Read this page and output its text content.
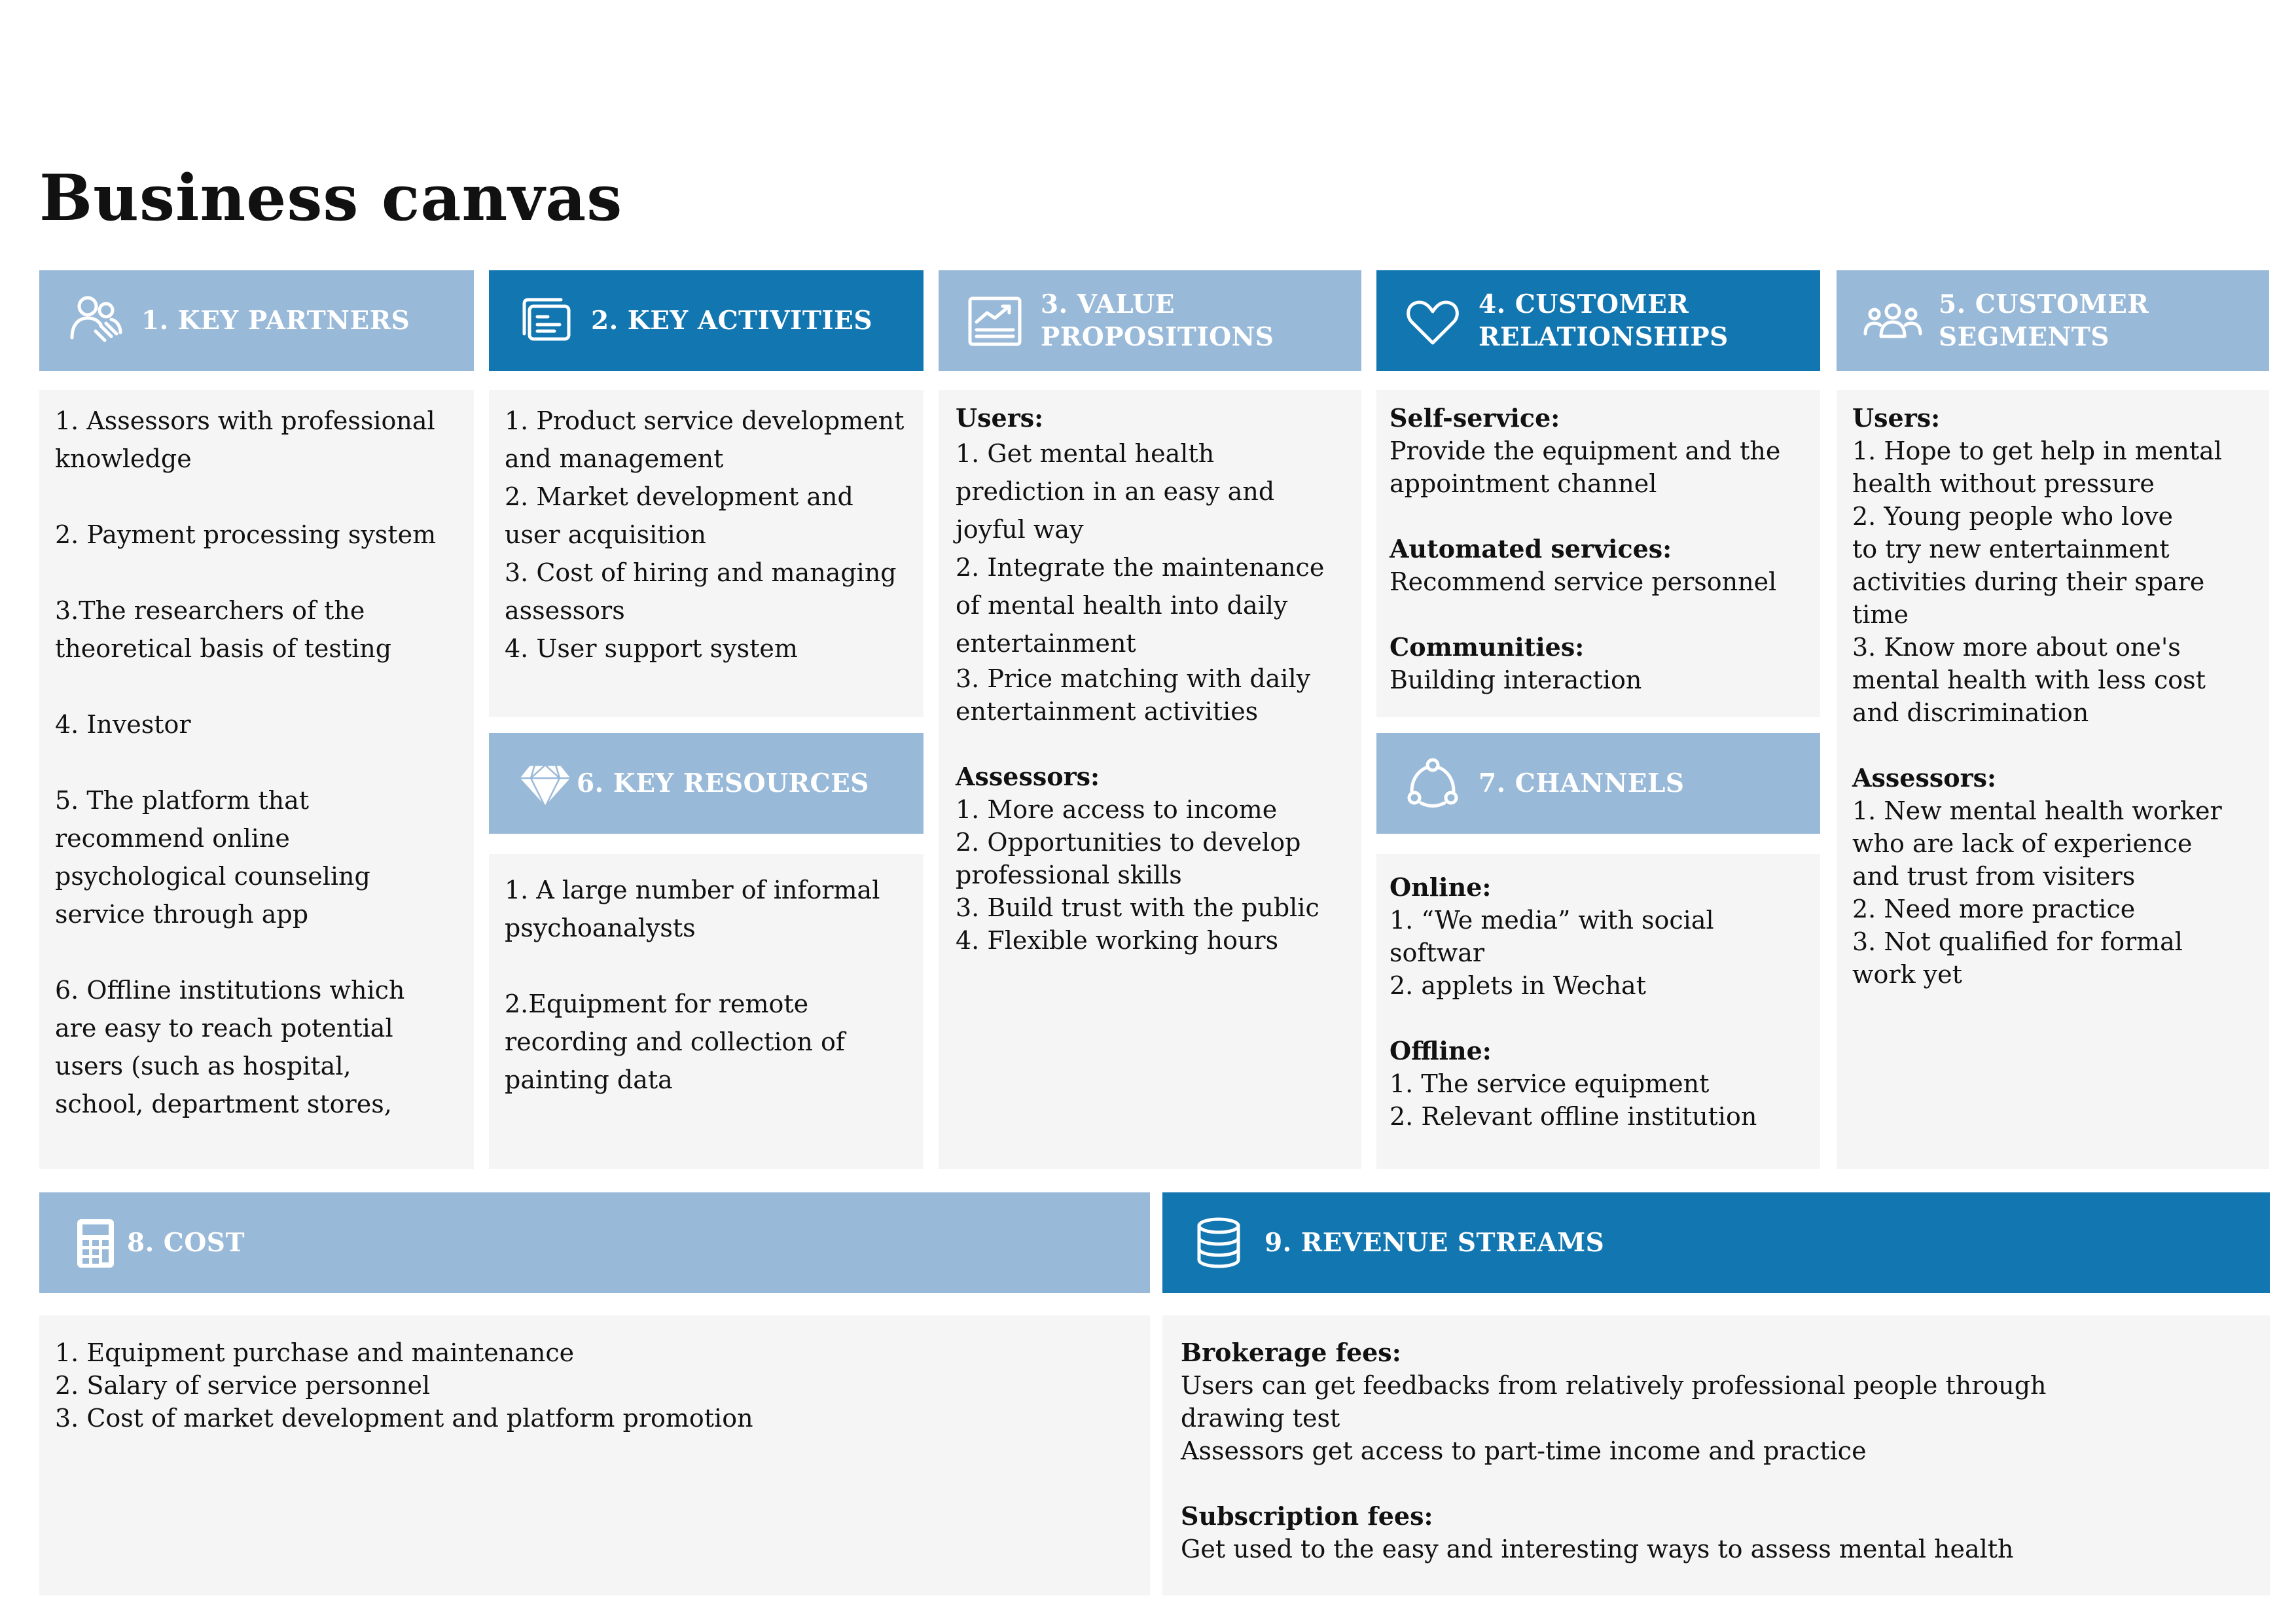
Business canvas
1. KEY PARTNERS
1. Assessors with professional
knowledge
2. Payment processing system
3.The researchers of the
theoretical basis of testing
4. Investor
5. The platform that
recommend online
psychological counseling
service through app
6. Offline institutions which
are easy to reach potential
users (such as hospital,
school, department stores,
2. KEY ACTIVITIES
1. Product service development
and management
2. Market development and
user acquisition
3. Cost of hiring and managing
assessors
4. User support system
6. KEY RESOURCES
1. A large number of informal
psychoanalysts
2.Equipment for remote
recording and collection of
painting data
3. VALUE
PROPOSITIONS
Users:
1. Get mental health
prediction in an easy and
joyful way
2. Integrate the maintenance
of mental health into daily
entertainment
3. Price matching with daily
entertainment activities
Assessors:
1. More access to income
2. Opportunities to develop
professional skills
3. Build trust with the public
4. Flexible working hours
4. CUSTOMER
RELATIONSHIPS
Self-service:
Provide the equipment and the
appointment channel
Automated services:
Recommend service personnel
Communities:
Building interaction
7. CHANNELS
Online:
1. “We media” with social
softwar
2. applets in Wechat
Offline:
1. The service equipment
2. Relevant offline institution
5. CUSTOMER
SEGMENTS
Users:
1. Hope to get help in mental
health without pressure
2. Young people who love
to try new entertainment
activities during their spare
time
3. Know more about one's
mental health with less cost
and discrimination
Assessors:
1. New mental health worker
who are lack of experience
and trust from visiters
2. Need more practice
3. Not qualified for formal
work yet
8. COST
1. Equipment purchase and maintenance
2. Salary of service personnel
3. Cost of market development and platform promotion
9. REVENUE STREAMS
Brokerage fees:
Users can get feedbacks from relatively professional people through
drawing test
Assessors get access to part-time income and practice
Subscription fees:
Get used to the easy and interesting ways to assess mental health
